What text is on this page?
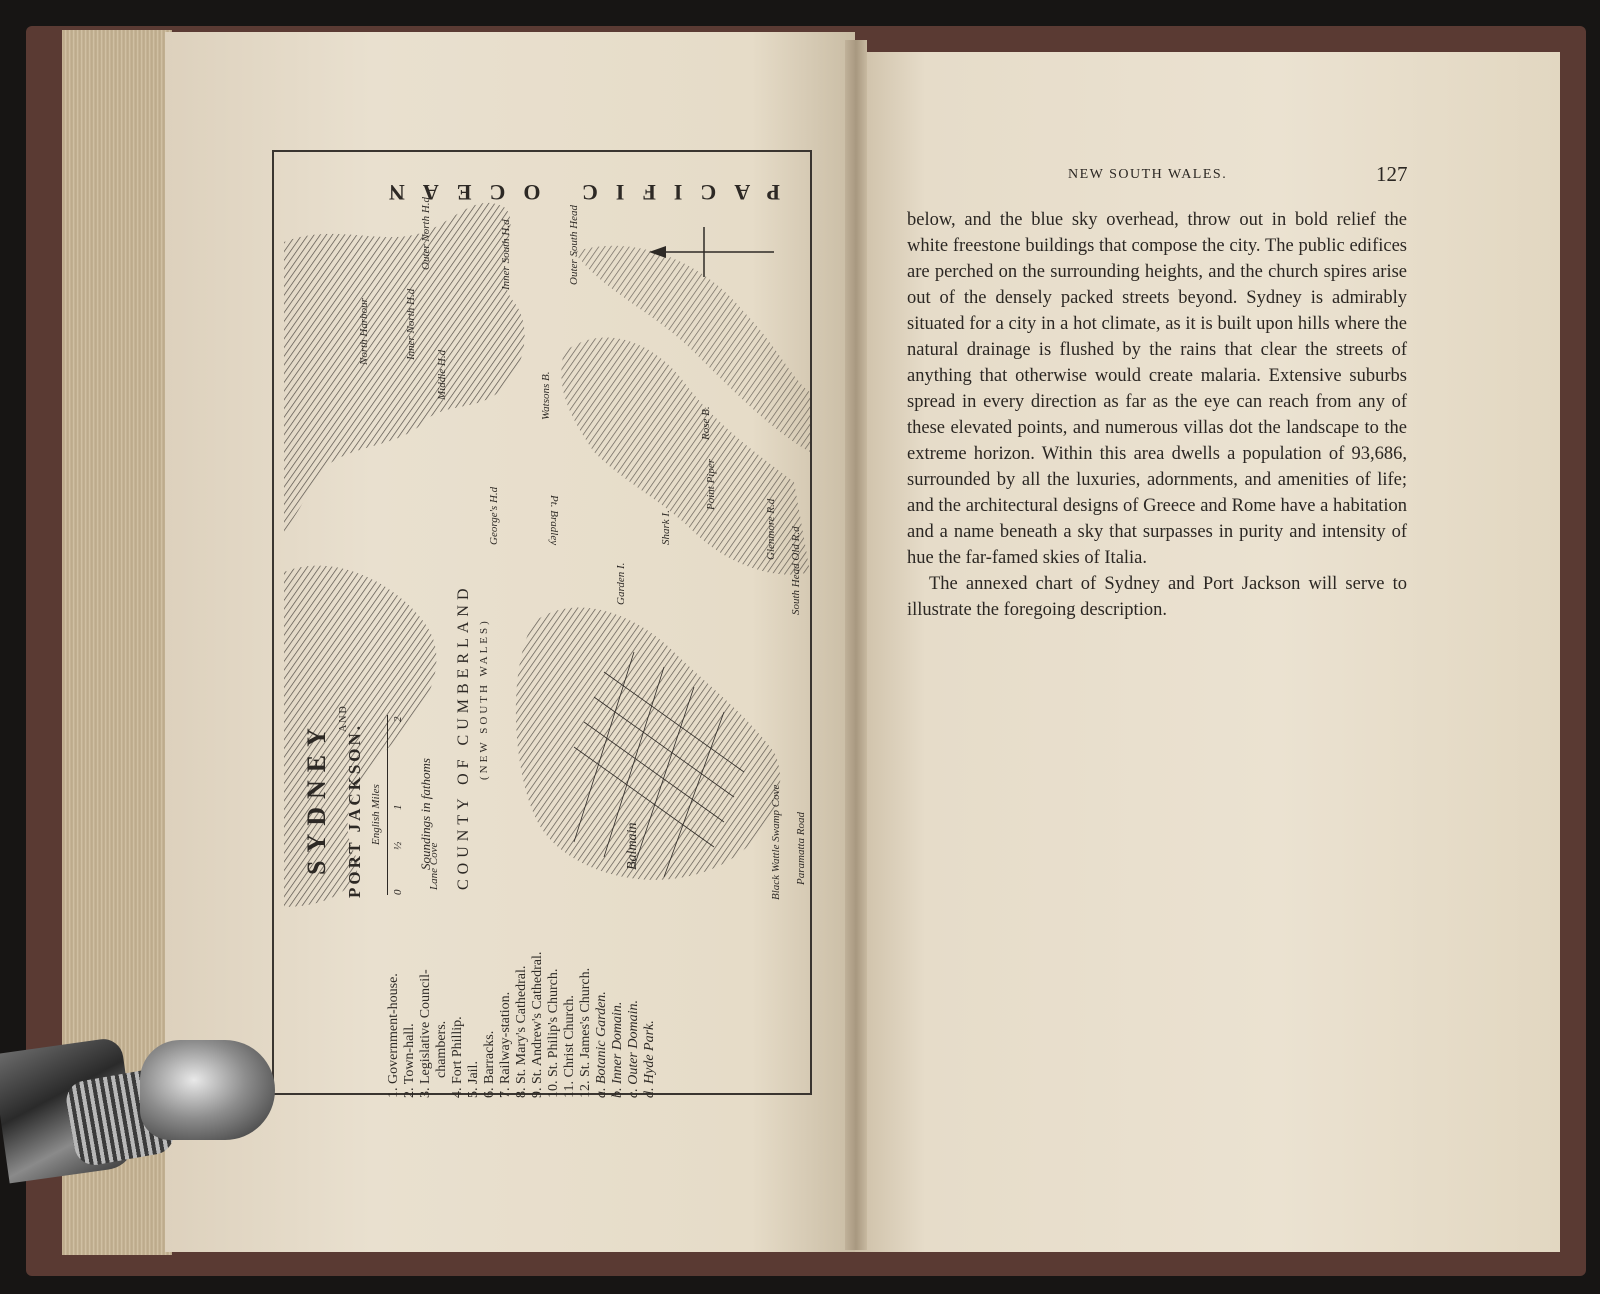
SYDNEY
AND
PORT JACKSON. English Miles
0
½
1
2
Soundings in fathoms COUNTY OF CUMBERLAND (NEW SOUTH WALES)
PACIFIC OCEAN
Lane Cove	Balmain
Outer South Head
Inner South H.d
Inner North H.d
Outer North H.d
George's H.d	Pt. Bradley
Middle H.d
Garden I.
Shark I.
Rose B.
Point Piper
Black Wattle Swamp Cove Paramatta Road
South Head Old R.d
Glenmore R.d
North Harbour
Watsons B.
1. Government-house. 2. Town-hall. 3. Legislative Council- chambers. 4. Fort Phillip. 5. Jail. 6. Barracks. 7. Railway-station. 8. St. Mary's Cathedral. 9. St. Andrew's Cathedral. 10. St. Philip's Church. 11. Christ Church. 12. St. James's Church. a. Botanic Garden. b. Inner Domain. c. Outer Domain. d. Hyde Park.
NEW SOUTH WALES.	127

below, and the blue sky overhead, throw out in bold relief the white freestone buildings that compose the city. The public edifices are perched on the surrounding heights, and the church spires arise out of the densely packed streets beyond. Sydney is admirably situated for a city in a hot climate, as it is built upon hills where the natural drainage is flushed by the rains that clear the streets of anything that otherwise would create malaria. Extensive suburbs spread in every direction as far as the eye can reach from any of these elevated points, and numerous villas dot the landscape to the extreme horizon. Within this area dwells a population of 93,686, surrounded by all the luxuries, adornments, and amenities of life; and the architectural designs of Greece and Rome have a habitation and a name beneath a sky that surpasses in purity and intensity of hue the far-famed skies of Italia.

The annexed chart of Sydney and Port Jackson will serve to illustrate the foregoing description.
